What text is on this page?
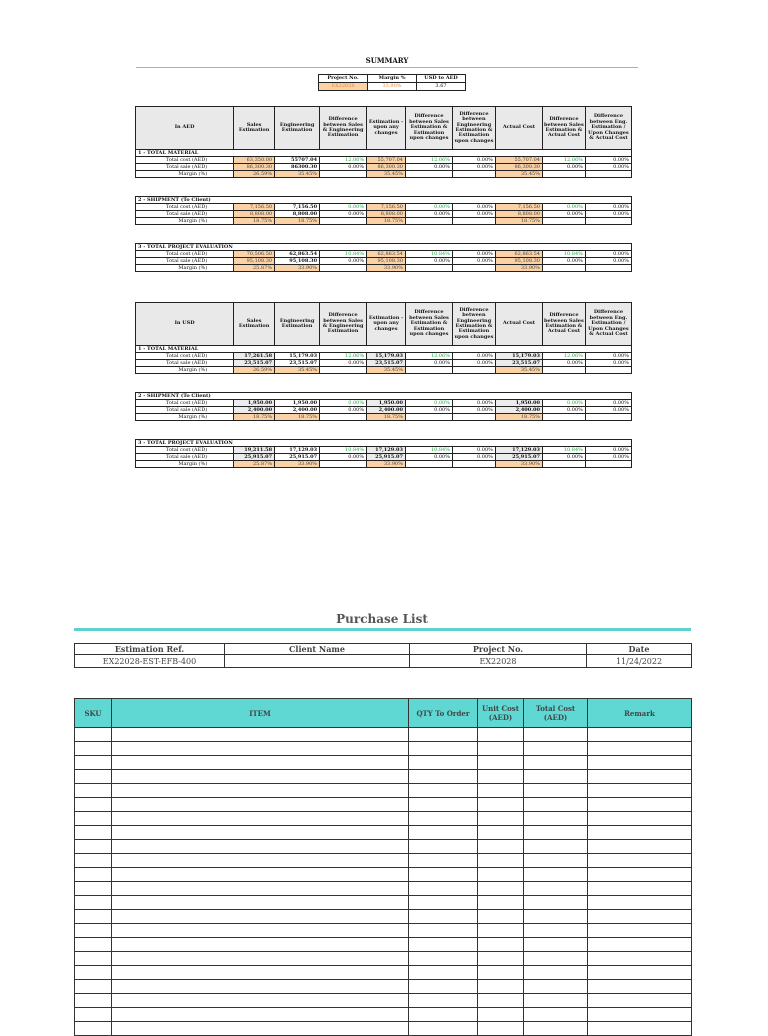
SUMMARY
Project No.	Margin %	USD to AED
EX22028	33.90%	3.67
In AED	Sales Estimation	Engineering Estimation	Difference between Sales & Engineering Estimation	Estimation - upon any changes	Difference between Sales Estimation & Estimation upon changes	Difference between Engineering Estimation & Estimation upon changes	Actual Cost	Difference between Sales Estimation & Actual Cost	Difference between Eng. Estimation / Upon Changes & Actual Cost
1 - TOTAL MATERIAL									
Total cost (AED)	63,350.00	55707.04	12.06%	55,707.04	12.06%	0.00%	55,707.04	12.06%	0.00%
Total sale (AED)	86,300.30	86300.30	0.00%	86,300.30	0.00%	0.00%	86,300.30	0.00%	0.00%
Margin (%)	26.59%	35.45%		35.45%			35.45%		

2 - SHIPMENT (To Client)									
Total cost (AED)	7,156.50	7,156.50	0.00%	7,156.50	0.00%	0.00%	7,156.50	0.00%	0.00%
Total sale (AED)	8,808.00	8,808.00	0.00%	8,808.00	0.00%	0.00%	8,808.00	0.00%	0.00%
Margin (%)	18.75%	18.75%		18.75%			18.75%		

3 - TOTAL PROJECT EVALUATION									
Total cost (AED)	70,506.50	62,863.54	10.84%	62,863.54	10.84%	0.00%	62,863.54	10.84%	0.00%
Total sale (AED)	95,108.30	95,108.30	0.00%	95,108.30	0.00%	0.00%	95,108.30	0.00%	0.00%
Margin (%)	25.87%	33.90%		33.90%			33.90%		
In USD	Sales Estimation	Engineering Estimation	Difference between Sales & Engineering Estimation	Estimation - upon any changes	Difference between Sales Estimation & Estimation upon changes	Difference between Engineering Estimation & Estimation upon changes	Actual Cost	Difference between Sales Estimation & Actual Cost	Difference between Eng. Estimation / Upon Changes & Actual Cost
1 - TOTAL MATERIAL									
Total cost (AED)	17,261.58	15,179.03	12.06%	15,179.03	12.06%	0.00%	15,179.03	12.06%	0.00%
Total sale (AED)	23,515.07	23,515.07	0.00%	23,515.07	0.00%	0.00%	23,515.07	0.00%	0.00%
Margin (%)	26.59%	35.45%		35.45%			35.45%		

2 - SHIPMENT (To Client)									
Total cost (AED)	1,950.00	1,950.00	0.00%	1,950.00	0.00%	0.00%	1,950.00	0.00%	0.00%
Total sale (AED)	2,400.00	2,400.00	0.00%	2,400.00	0.00%	0.00%	2,400.00	0.00%	0.00%
Margin (%)	18.75%	18.75%		18.75%			18.75%		

3 - TOTAL PROJECT EVALUATION									
Total cost (AED)	19,211.58	17,129.03	10.84%	17,129.03	10.84%	0.00%	17,129.03	10.84%	0.00%
Total sale (AED)	25,915.07	25,915.07	0.00%	25,915.07	0.00%	0.00%	25,915.07	0.00%	0.00%
Margin (%)	25.87%	33.90%		33.90%			33.90%		
Purchase List
Estimation Ref.	Client Name	Project No.	Date
EX22028-EST-EFB-400		EX22028	11/24/2022
SKU	ITEM	QTY To Order	Unit Cost (AED)	Total Cost (AED)	Remark
